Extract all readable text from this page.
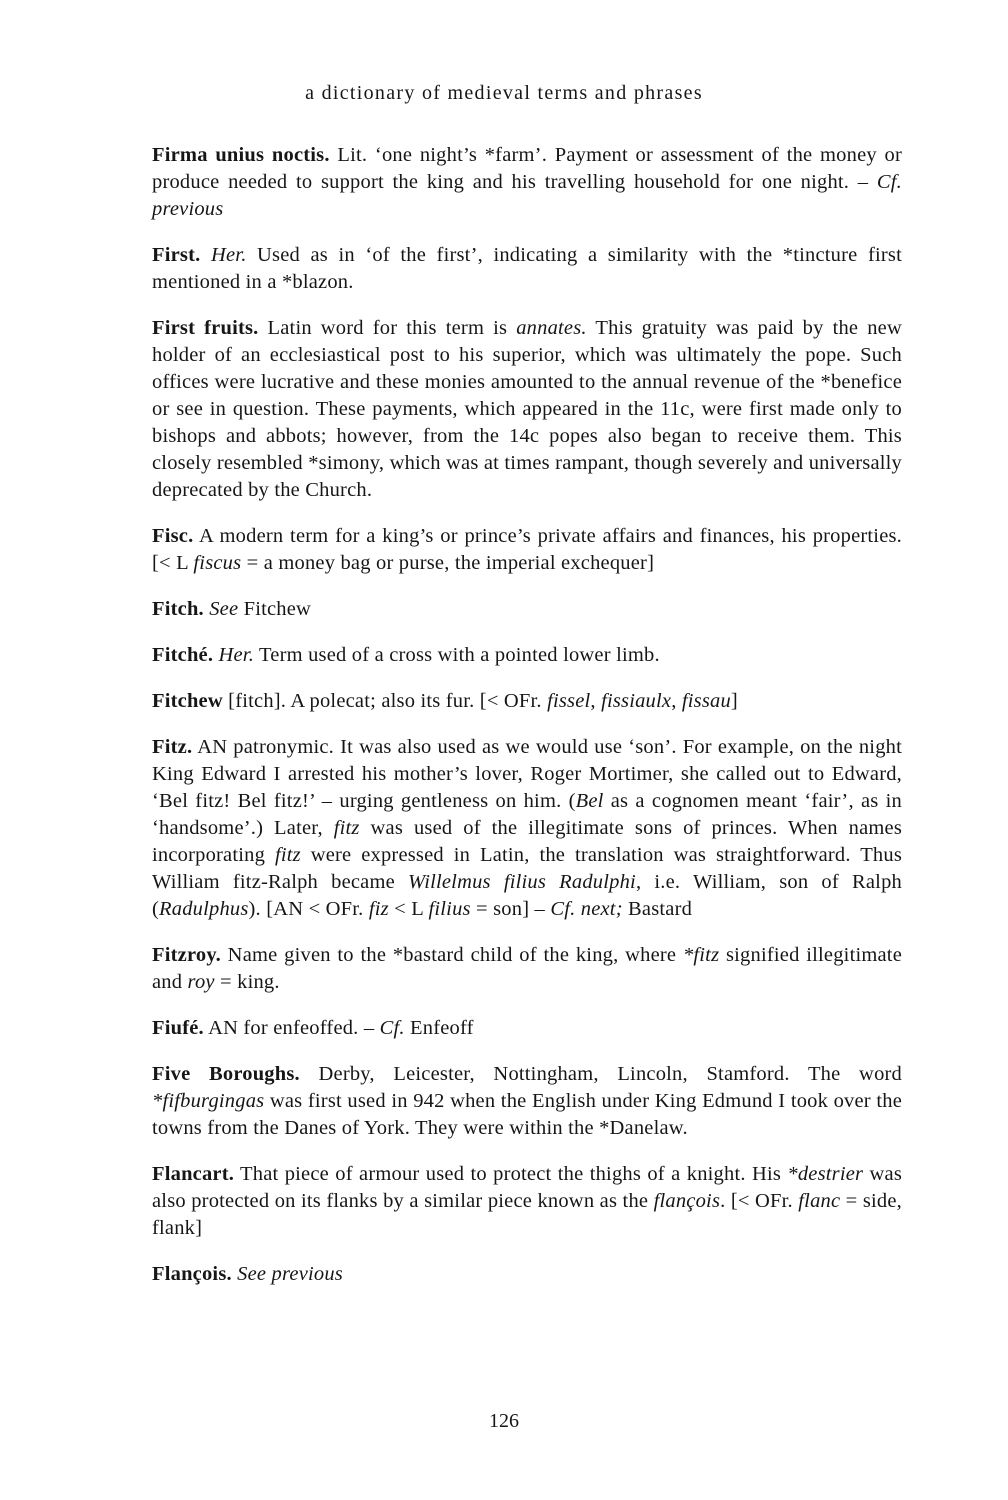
a dictionary of medieval terms and phrases

Firma unius noctis. Lit. ‘one night’s *farm’. Payment or assessment of the money or produce needed to support the king and his travelling household for one night. – Cf. previous

First. Her. Used as in ‘of the first’, indicating a similarity with the *tincture first mentioned in a *blazon.

First fruits. Latin word for this term is annates. This gratuity was paid by the new holder of an ecclesiastical post to his superior, which was ultimately the pope. Such offices were lucrative and these monies amounted to the annual revenue of the *benefice or see in question. These payments, which appeared in the 11c, were first made only to bishops and abbots; however, from the 14c popes also began to receive them. This closely resembled *simony, which was at times rampant, though severely and universally deprecated by the Church.

Fisc. A modern term for a king’s or prince’s private affairs and finances, his properties. [< L fiscus = a money bag or purse, the imperial exchequer]

Fitch. See Fitchew

Fitché. Her. Term used of a cross with a pointed lower limb.

Fitchew [fitch]. A polecat; also its fur. [< OFr. fissel, fissiaulx, fissau]

Fitz. AN patronymic. It was also used as we would use ‘son’. For example, on the night King Edward I arrested his mother’s lover, Roger Mortimer, she called out to Edward, ‘Bel fitz! Bel fitz!’ – urging gentleness on him. (Bel as a cognomen meant ‘fair’, as in ‘handsome’.) Later, fitz was used of the illegitimate sons of princes. When names incorporating fitz were expressed in Latin, the translation was straightforward. Thus William fitz-Ralph became Willelmus filius Radulphi, i.e. William, son of Ralph (Radulphus). [AN < OFr. fiz < L filius = son] – Cf. next; Bastard

Fitzroy. Name given to the *bastard child of the king, where *fitz signified illegitimate and roy = king.

Fiufé. AN for enfeoffed. – Cf. Enfeoff

Five Boroughs. Derby, Leicester, Nottingham, Lincoln, Stamford. The word *fifburgingas was first used in 942 when the English under King Edmund I took over the towns from the Danes of York. They were within the *Danelaw.

Flancart. That piece of armour used to protect the thighs of a knight. His *destrier was also protected on its flanks by a similar piece known as the flançois. [< OFr. flanc = side, flank]

Flançois. See previous

126
